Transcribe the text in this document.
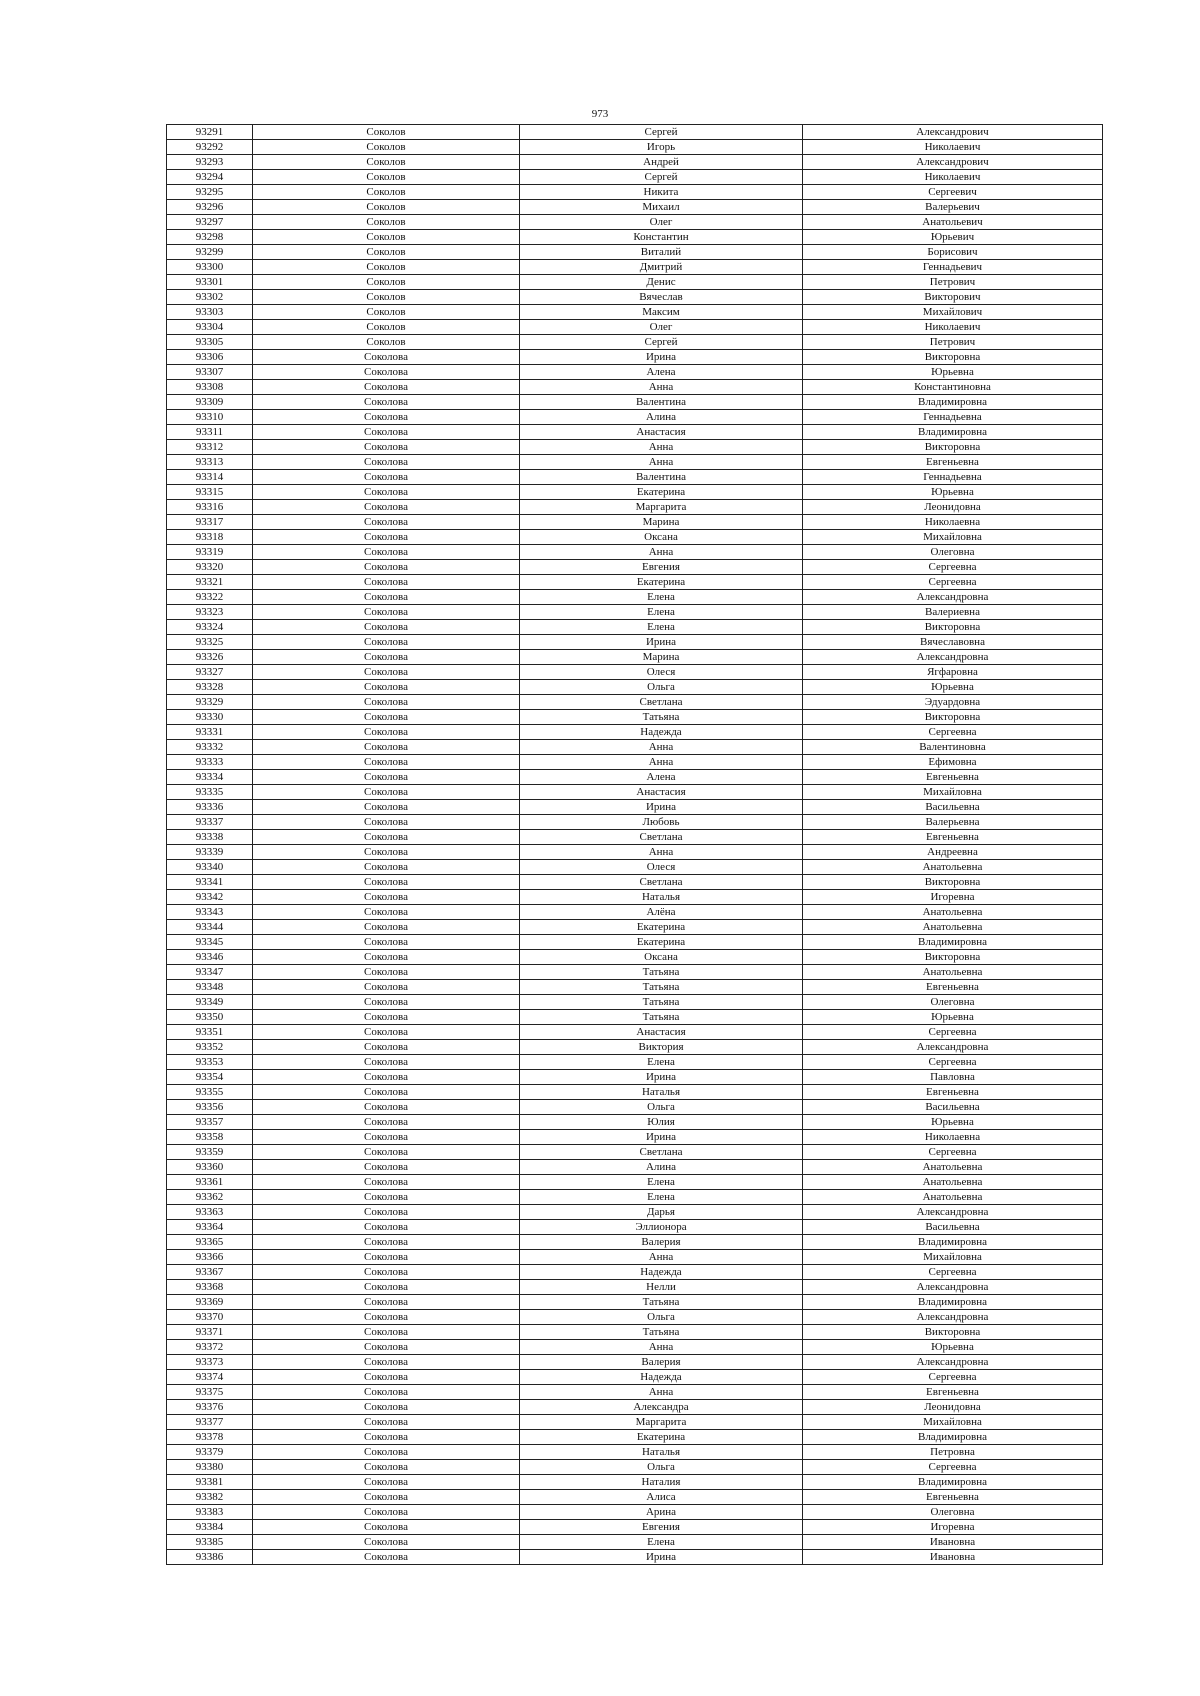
973
93291	Соколов	Сергей	Александрович
93292	Соколов	Игорь	Николаевич
93293	Соколов	Андрей	Александрович
93294	Соколов	Сергей	Николаевич
93295	Соколов	Никита	Сергеевич
93296	Соколов	Михаил	Валерьевич
93297	Соколов	Олег	Анатольевич
93298	Соколов	Константин	Юрьевич
93299	Соколов	Виталий	Борисович
93300	Соколов	Дмитрий	Геннадьевич
93301	Соколов	Денис	Петрович
93302	Соколов	Вячеслав	Викторович
93303	Соколов	Максим	Михайлович
93304	Соколов	Олег	Николаевич
93305	Соколов	Сергей	Петрович
93306	Соколова	Ирина	Викторовна
93307	Соколова	Алена	Юрьевна
93308	Соколова	Анна	Константиновна
93309	Соколова	Валентина	Владимировна
93310	Соколова	Алина	Геннадьевна
93311	Соколова	Анастасия	Владимировна
93312	Соколова	Анна	Викторовна
93313	Соколова	Анна	Евгеньевна
93314	Соколова	Валентина	Геннадьевна
93315	Соколова	Екатерина	Юрьевна
93316	Соколова	Маргарита	Леонидовна
93317	Соколова	Марина	Николаевна
93318	Соколова	Оксана	Михайловна
93319	Соколова	Анна	Олеговна
93320	Соколова	Евгения	Сергеевна
93321	Соколова	Екатерина	Сергеевна
93322	Соколова	Елена	Александровна
93323	Соколова	Елена	Валериевна
93324	Соколова	Елена	Викторовна
93325	Соколова	Ирина	Вячеславовна
93326	Соколова	Марина	Александровна
93327	Соколова	Олеся	Ягфаровна
93328	Соколова	Ольга	Юрьевна
93329	Соколова	Светлана	Эдуардовна
93330	Соколова	Татьяна	Викторовна
93331	Соколова	Надежда	Сергеевна
93332	Соколова	Анна	Валентиновна
93333	Соколова	Анна	Ефимовна
93334	Соколова	Алена	Евгеньевна
93335	Соколова	Анастасия	Михайловна
93336	Соколова	Ирина	Васильевна
93337	Соколова	Любовь	Валерьевна
93338	Соколова	Светлана	Евгеньевна
93339	Соколова	Анна	Андреевна
93340	Соколова	Олеся	Анатольевна
93341	Соколова	Светлана	Викторовна
93342	Соколова	Наталья	Игоревна
93343	Соколова	Алёна	Анатольевна
93344	Соколова	Екатерина	Анатольевна
93345	Соколова	Екатерина	Владимировна
93346	Соколова	Оксана	Викторовна
93347	Соколова	Татьяна	Анатольевна
93348	Соколова	Татьяна	Евгеньевна
93349	Соколова	Татьяна	Олеговна
93350	Соколова	Татьяна	Юрьевна
93351	Соколова	Анастасия	Сергеевна
93352	Соколова	Виктория	Александровна
93353	Соколова	Елена	Сергеевна
93354	Соколова	Ирина	Павловна
93355	Соколова	Наталья	Евгеньевна
93356	Соколова	Ольга	Васильевна
93357	Соколова	Юлия	Юрьевна
93358	Соколова	Ирина	Николаевна
93359	Соколова	Светлана	Сергеевна
93360	Соколова	Алина	Анатольевна
93361	Соколова	Елена	Анатольевна
93362	Соколова	Елена	Анатольевна
93363	Соколова	Дарья	Александровна
93364	Соколова	Эллионора	Васильевна
93365	Соколова	Валерия	Владимировна
93366	Соколова	Анна	Михайловна
93367	Соколова	Надежда	Сергеевна
93368	Соколова	Нелли	Александровна
93369	Соколова	Татьяна	Владимировна
93370	Соколова	Ольга	Александровна
93371	Соколова	Татьяна	Викторовна
93372	Соколова	Анна	Юрьевна
93373	Соколова	Валерия	Александровна
93374	Соколова	Надежда	Сергеевна
93375	Соколова	Анна	Евгеньевна
93376	Соколова	Александра	Леонидовна
93377	Соколова	Маргарита	Михайловна
93378	Соколова	Екатерина	Владимировна
93379	Соколова	Наталья	Петровна
93380	Соколова	Ольга	Сергеевна
93381	Соколова	Наталия	Владимировна
93382	Соколова	Алиса	Евгеньевна
93383	Соколова	Арина	Олеговна
93384	Соколова	Евгения	Игоревна
93385	Соколова	Елена	Ивановна
93386	Соколова	Ирина	Ивановна
